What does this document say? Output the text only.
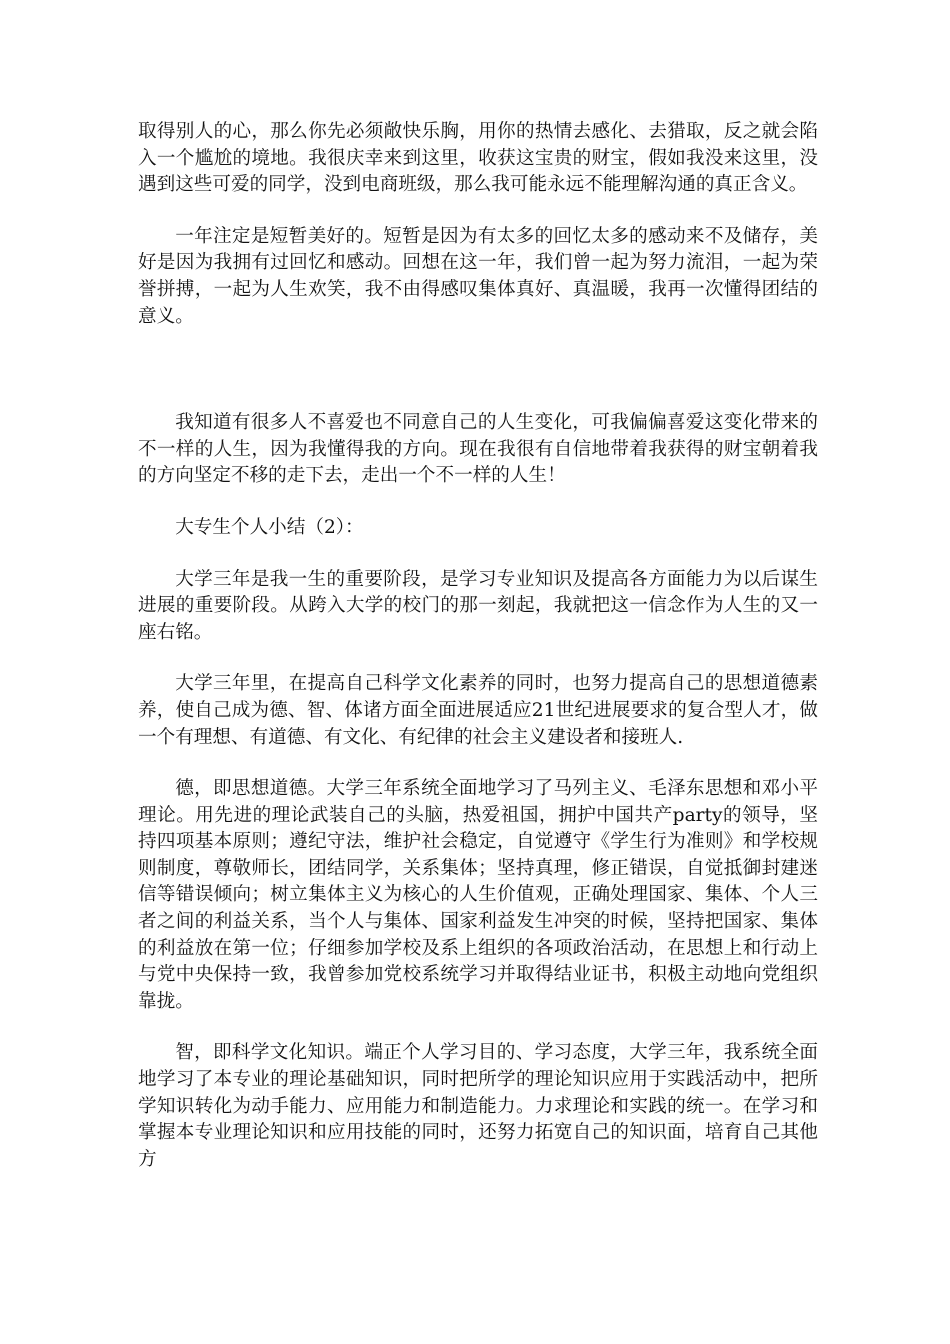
取得别人的心，那么你先必须敞快乐胸，用你的热情去感化、去猎取，反之就会陷入一个尴尬的境地。我很庆幸来到这里，收获这宝贵的财宝，假如我没来这里，没遇到这些可爱的同学，没到电商班级，那么我可能永远不能理解沟通的真正含义。

一年注定是短暂美好的。短暂是因为有太多的回忆太多的感动来不及储存，美好是因为我拥有过回忆和感动。回想在这一年，我们曾一起为努力流泪，一起为荣誉拼搏，一起为人生欢笑，我不由得感叹集体真好、真温暖，我再一次懂得团结的意义。

我知道有很多人不喜爱也不同意自己的人生变化，可我偏偏喜爱这变化带来的不一样的人生，因为我懂得我的方向。现在我很有自信地带着我获得的财宝朝着我的方向坚定不移的走下去，走出一个不一样的人生！

大专生个人小结（2）：

大学三年是我一生的重要阶段，是学习专业知识及提高各方面能力为以后谋生进展的重要阶段。从跨入大学的校门的那一刻起，我就把这一信念作为人生的又一座右铭。

大学三年里，在提高自己科学文化素养的同时，也努力提高自己的思想道德素养，使自己成为德、智、体诸方面全面进展适应21世纪进展要求的复合型人才，做一个有理想、有道德、有文化、有纪律的社会主义建设者和接班人.

德，即思想道德。大学三年系统全面地学习了马列主义、毛泽东思想和邓小平理论。用先进的理论武装自己的头脑，热爱祖国，拥护中国共产party的领导，坚持四项基本原则；遵纪守法，维护社会稳定，自觉遵守《学生行为准则》和学校规则制度，尊敬师长，团结同学，关系集体；坚持真理，修正错误，自觉抵御封建迷信等错误倾向；树立集体主义为核心的人生价值观，正确处理国家、集体、个人三者之间的利益关系，当个人与集体、国家利益发生冲突的时候，坚持把国家、集体的利益放在第一位；仔细参加学校及系上组织的各项政治活动，在思想上和行动上与党中央保持一致，我曾参加党校系统学习并取得结业证书，积极主动地向党组织靠拢。

智，即科学文化知识。端正个人学习目的、学习态度，大学三年，我系统全面地学习了本专业的理论基础知识，同时把所学的理论知识应用于实践活动中，把所学知识转化为动手能力、应用能力和制造能力。力求理论和实践的统一。在学习和掌握本专业理论知识和应用技能的同时，还努力拓宽自己的知识面，培育自己其他方
